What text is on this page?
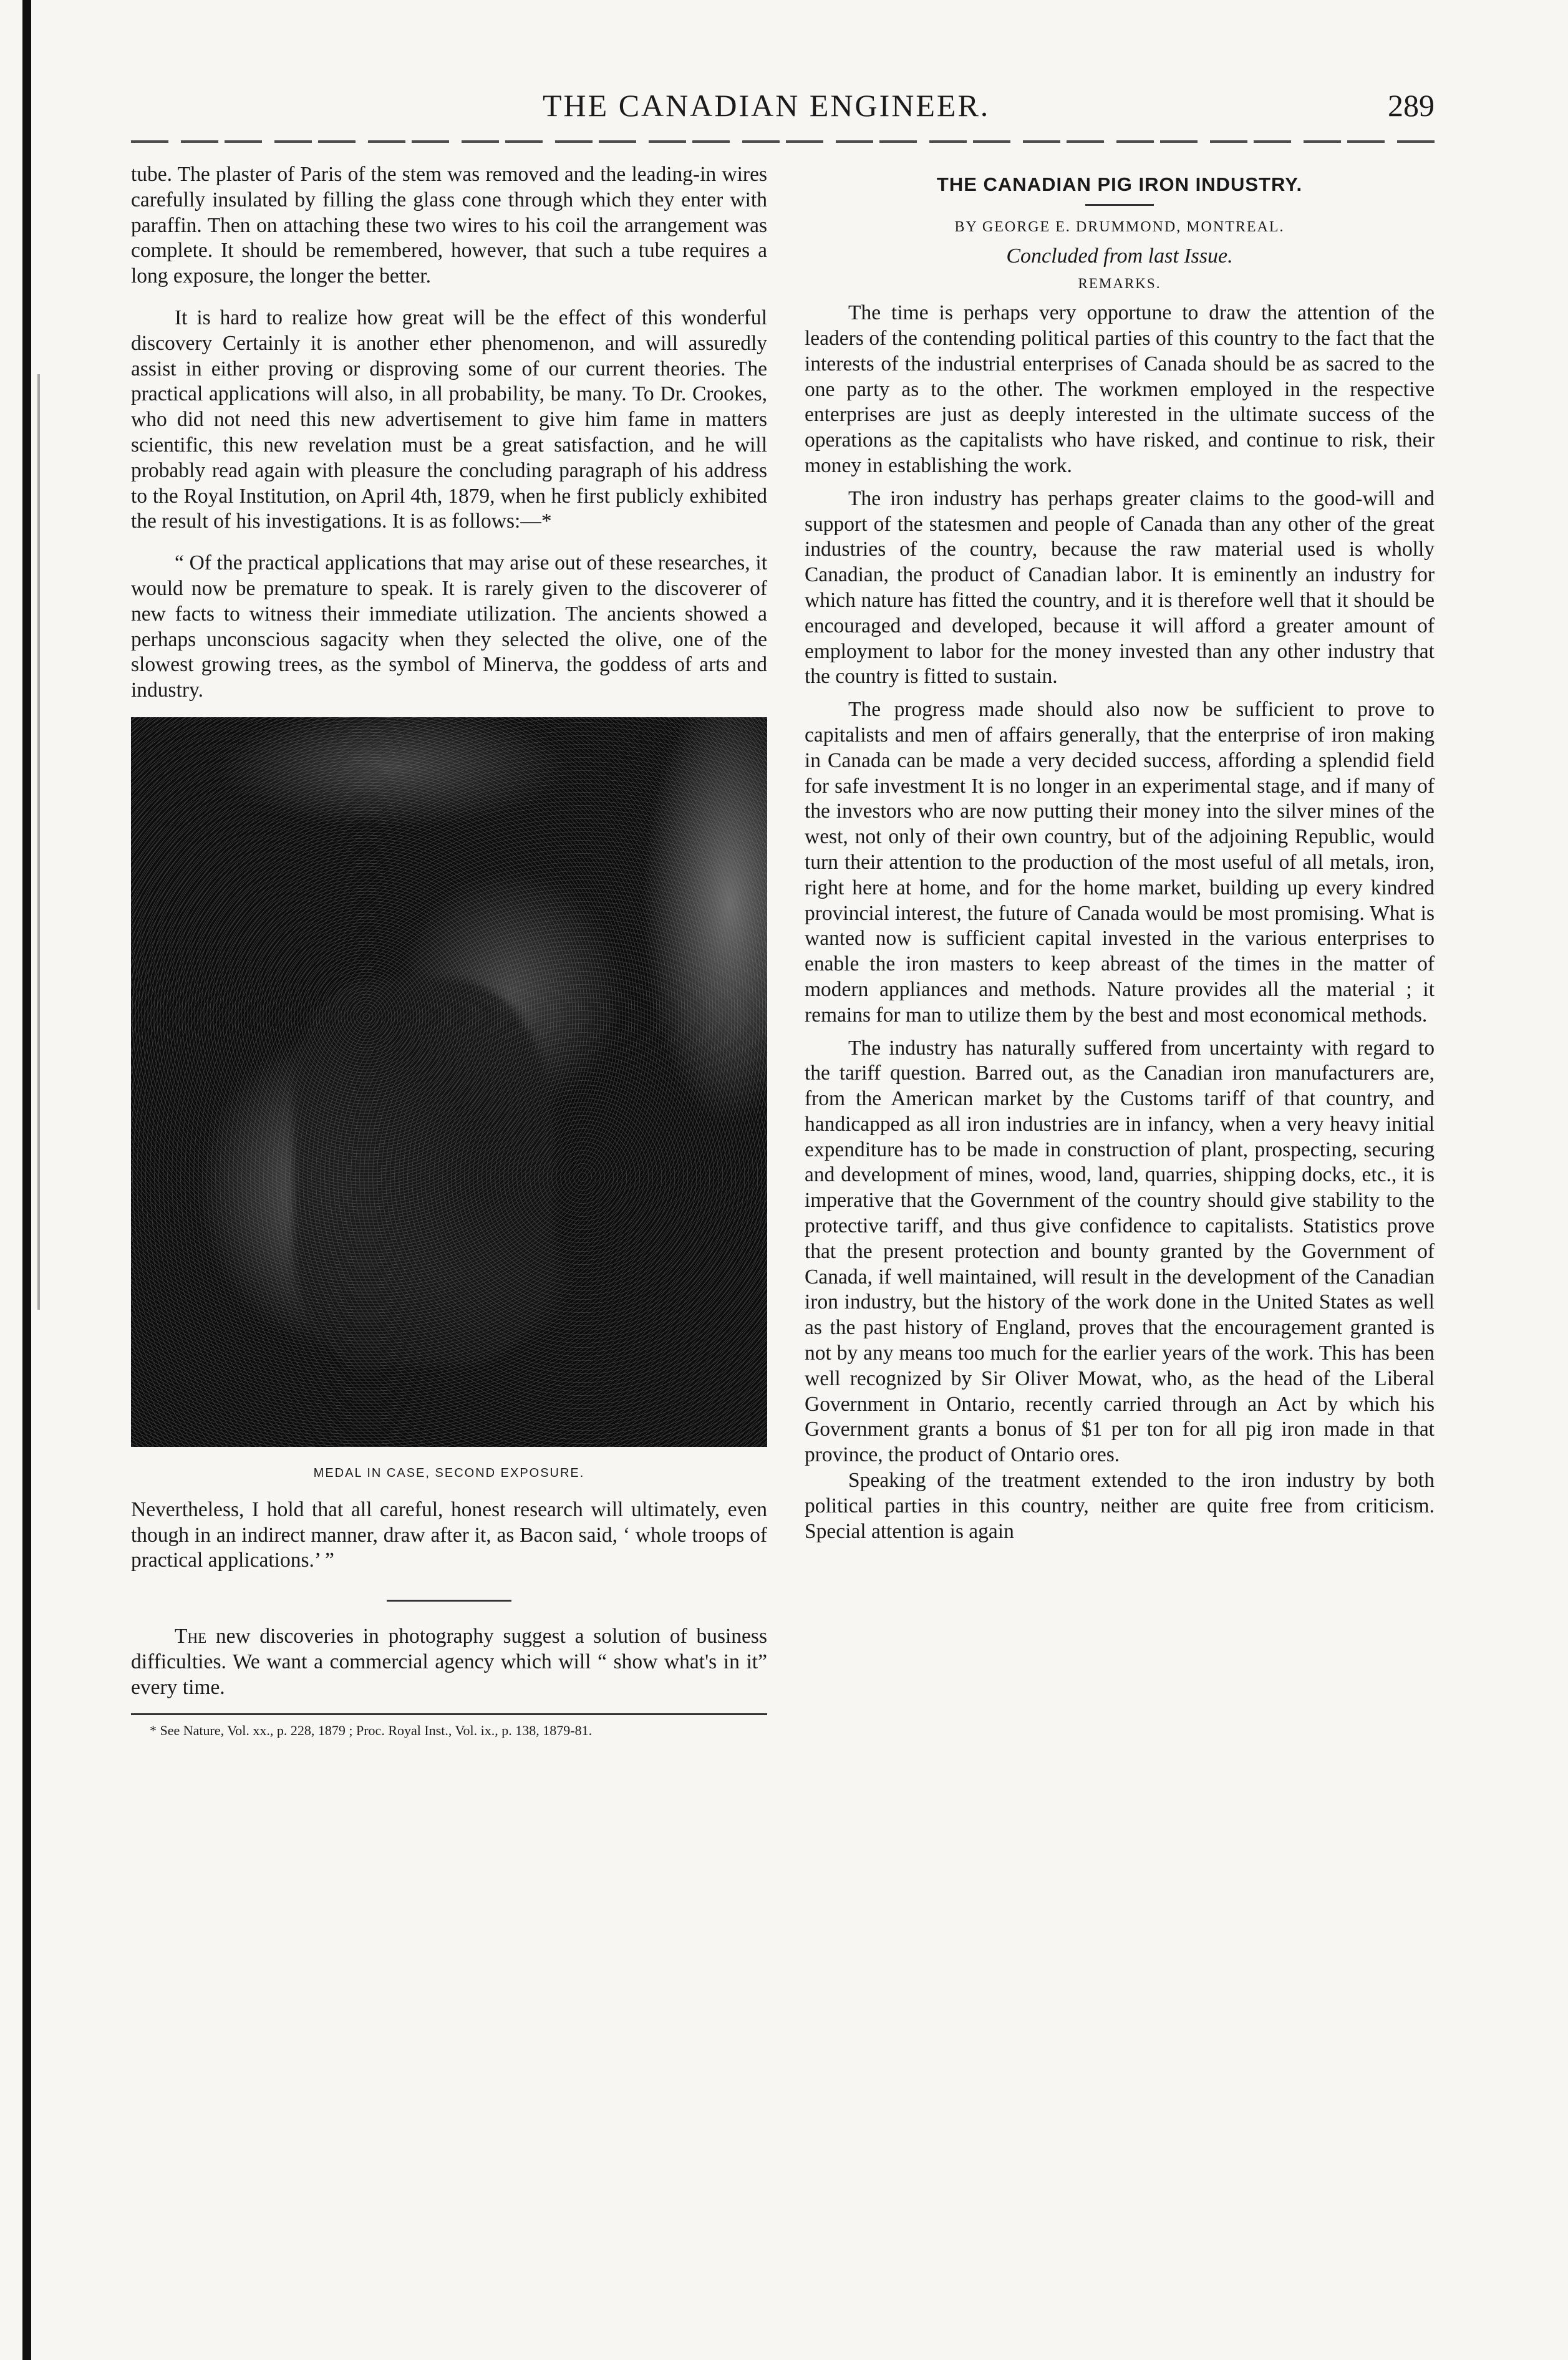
THE CANADIAN ENGINEER.	289

tube. The plaster of Paris of the stem was removed and the leading-in wires carefully insulated by filling the glass cone through which they enter with paraffin. Then on attaching these two wires to his coil the arrangement was complete. It should be remembered, however, that such a tube requires a long exposure, the longer the better.

It is hard to realize how great will be the effect of this wonderful discovery Certainly it is another ether phenomenon, and will assuredly assist in either proving or disproving some of our current theories. The practical applications will also, in all probability, be many. To Dr. Crookes, who did not need this new advertisement to give him fame in matters scientific, this new revelation must be a great satisfaction, and he will probably read again with pleasure the concluding paragraph of his address to the Royal Institution, on April 4th, 1879, when he first publicly exhibited the result of his investigations. It is as follows:—*

“ Of the practical applications that may arise out of these researches, it would now be premature to speak. It is rarely given to the discoverer of new facts to witness their immediate utilization. The ancients showed a perhaps unconscious sagacity when they selected the olive, one of the slowest growing trees, as the symbol of Minerva, the goddess of arts and industry.

MEDAL IN CASE, SECOND EXPOSURE.

Nevertheless, I hold that all careful, honest research will ultimately, even though in an indirect manner, draw after it, as Bacon said, ‘ whole troops of practical applications.’ ”

The new discoveries in photography suggest a solution of business difficulties. We want a commercial agency which will “ show what's in it” every time.

* See Nature, Vol. xx., p. 228, 1879 ; Proc. Royal Inst., Vol. ix., p. 138, 1879-81.

THE CANADIAN PIG IRON INDUSTRY.

BY GEORGE E. DRUMMOND, MONTREAL.

Concluded from last Issue.

REMARKS.

The time is perhaps very opportune to draw the attention of the leaders of the contending political parties of this country to the fact that the interests of the industrial enterprises of Canada should be as sacred to the one party as to the other. The workmen employed in the respective enterprises are just as deeply interested in the ultimate success of the operations as the capitalists who have risked, and continue to risk, their money in establishing the work.

The iron industry has perhaps greater claims to the good-will and support of the statesmen and people of Canada than any other of the great industries of the country, because the raw material used is wholly Canadian, the product of Canadian labor. It is eminently an industry for which nature has fitted the country, and it is therefore well that it should be encouraged and developed, because it will afford a greater amount of employment to labor for the money invested than any other industry that the country is fitted to sustain.

The progress made should also now be sufficient to prove to capitalists and men of affairs generally, that the enterprise of iron making in Canada can be made a very decided success, affording a splendid field for safe investment It is no longer in an experimental stage, and if many of the investors who are now putting their money into the silver mines of the west, not only of their own country, but of the adjoining Republic, would turn their attention to the production of the most useful of all metals, iron, right here at home, and for the home market, building up every kindred provincial interest, the future of Canada would be most promising. What is wanted now is sufficient capital invested in the various enterprises to enable the iron masters to keep abreast of the times in the matter of modern appliances and methods. Nature provides all the material ; it remains for man to utilize them by the best and most economical methods.

The industry has naturally suffered from uncertainty with regard to the tariff question. Barred out, as the Canadian iron manufacturers are, from the American market by the Customs tariff of that country, and handicapped as all iron industries are in infancy, when a very heavy initial expenditure has to be made in construction of plant, prospecting, securing and development of mines, wood, land, quarries, shipping docks, etc., it is imperative that the Government of the country should give stability to the protective tariff, and thus give confidence to capitalists. Statistics prove that the present protection and bounty granted by the Government of Canada, if well maintained, will result in the development of the Canadian iron industry, but the history of the work done in the United States as well as the past history of England, proves that the encouragement granted is not by any means too much for the earlier years of the work. This has been well recognized by Sir Oliver Mowat, who, as the head of the Liberal Government in Ontario, recently carried through an Act by which his Government grants a bonus of $1 per ton for all pig iron made in that province, the product of Ontario ores.

Speaking of the treatment extended to the iron industry by both political parties in this country, neither are quite free from criticism. Special attention is again
